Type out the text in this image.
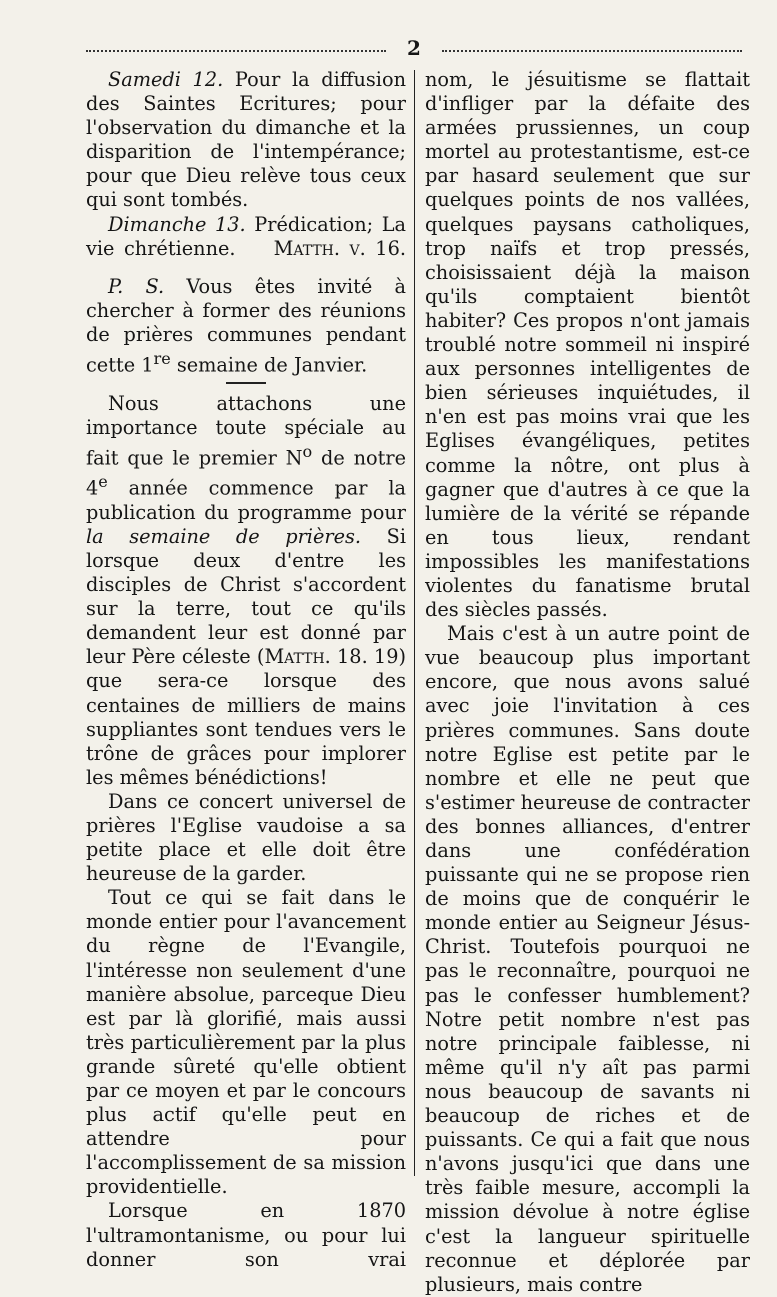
2

Samedi 12. Pour la diffusion des Saintes Ecritures; pour l'observation du dimanche et la disparition de l'intempérance; pour que Dieu relève tous ceux qui sont tombés.

Dimanche 13. Prédication; La vie chrétienne. Matth. v. 16.

P. S. Vous êtes invité à chercher à former des réunions de prières communes pendant cette 1re semaine de Janvier.

Nous attachons une importance toute spéciale au fait que le premier $N^o$ de notre 4e année commence par la publication du programme pour la semaine de prières. Si lorsque deux d'entre les disciples de Christ s'accordent sur la terre, tout ce qu'ils demandent leur est donné par leur Père céleste (Matth. 18. 19) que sera-ce lorsque des centaines de milliers de mains suppliantes sont tendues vers le trône de grâces pour implorer les mêmes bénédictions!

Dans ce concert universel de prières l'Eglise vaudoise a sa petite place et elle doit être heureuse de la garder.

Tout ce qui se fait dans le monde entier pour l'avancement du règne de l'Evangile, l'intéresse non seulement d'une manière absolue, parceque Dieu est par là glorifié, mais aussi très particulièrement par la plus grande sûreté qu'elle obtient par ce moyen et par le concours plus actif qu'elle peut en attendre pour l'accomplissement de sa mission providentielle.

Lorsque en 1870 l'ultramontanisme, ou pour lui donner son vrai

nom, le jésuitisme se flattait d'infliger par la défaite des armées prussiennes, un coup mortel au protestantisme, est-ce par hasard seulement que sur quelques points de nos vallées, quelques paysans catholiques, trop naïfs et trop pressés, choisissaient déjà la maison qu'ils comptaient bientôt habiter? Ces propos n'ont jamais troublé notre sommeil ni inspiré aux personnes intelligentes de bien sérieuses inquiétudes, il n'en est pas moins vrai que les Eglises évangéliques, petites comme la nôtre, ont plus à gagner que d'autres à ce que la lumière de la vérité se répande en tous lieux, rendant impossibles les manifestations violentes du fanatisme brutal des siècles passés.

Mais c'est à un autre point de vue beaucoup plus important encore, que nous avons salué avec joie l'invitation à ces prières communes. Sans doute notre Eglise est petite par le nombre et elle ne peut que s'estimer heureuse de contracter des bonnes alliances, d'entrer dans une confédération puissante qui ne se propose rien de moins que de conquérir le monde entier au Seigneur Jésus-Christ. Toutefois pourquoi ne pas le reconnaître, pourquoi ne pas le confesser humblement? Notre petit nombre n'est pas notre principale faiblesse, ni même qu'il n'y aît pas parmi nous beaucoup de savants ni beaucoup de riches et de puissants. Ce qui a fait que nous n'avons jusqu'ici que dans une très faible mesure, accompli la mission dévolue à notre église c'est la langueur spirituelle reconnue et déplorée par plusieurs, mais contre
